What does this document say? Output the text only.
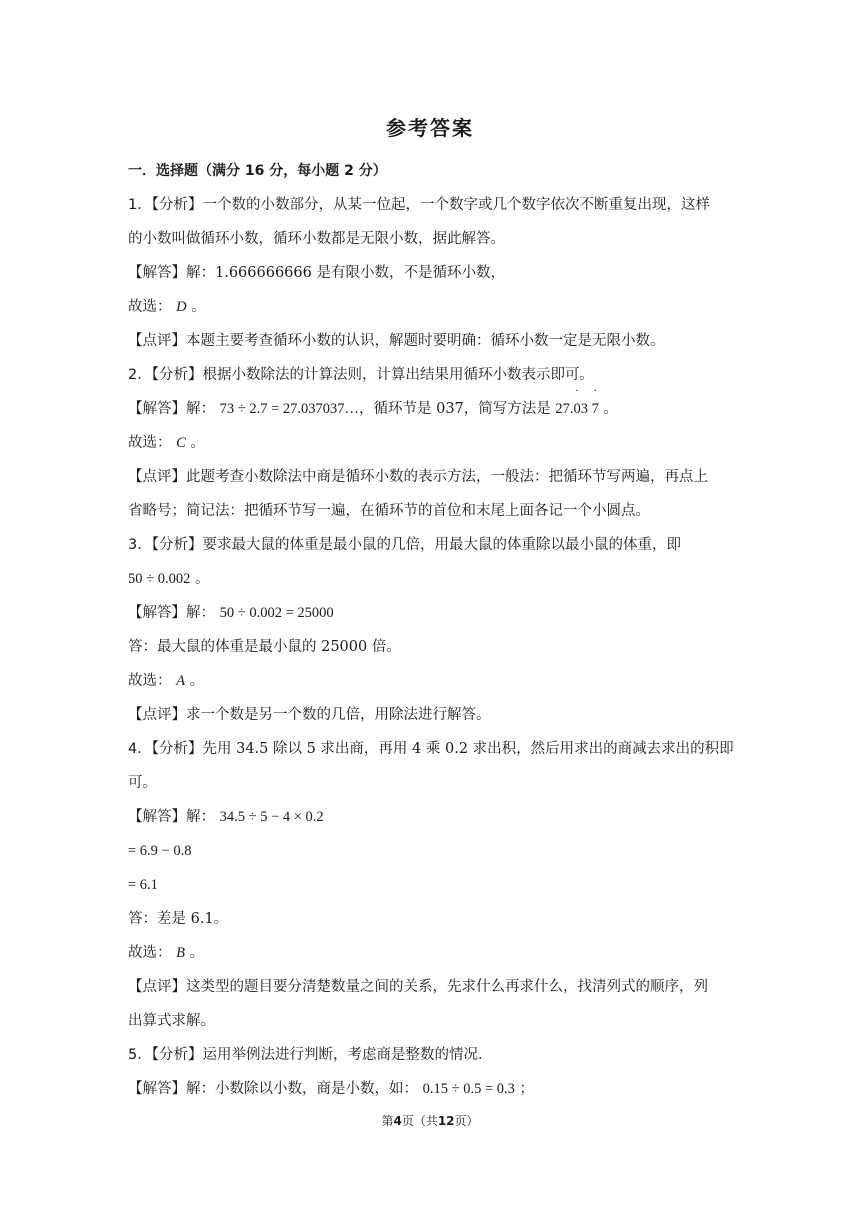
参考答案
一．选择题（满分 16 分，每小题 2 分）
1．【分析】一个数的小数部分，从某一位起，一个数字或几个数字依次不断重复出现，这样
的小数叫做循环小数，循环小数都是无限小数，据此解答。
【解答】解：1.666666666 是有限小数，不是循环小数，
故选： D 。
【点评】本题主要考查循环小数的认识，解题时要明确：循环小数一定是无限小数。
2．【分析】根据小数除法的计算法则，计算出结果用循环小数表示即可。
【解答】解： 73 ÷ 2.7 = 27.037037…，循环节是 037，简写方法是 27.
·
03
·
7 。
故选： C 。
【点评】此题考查小数除法中商是循环小数的表示方法，一般法：把循环节写两遍，再点上
省略号；简记法：把循环节写一遍，在循环节的首位和末尾上面各记一个小圆点。
3．【分析】要求最大鼠的体重是最小鼠的几倍，用最大鼠的体重除以最小鼠的体重，即
50 ÷ 0.002 。
【解答】解： 50 ÷ 0.002 = 25000
答：最大鼠的体重是最小鼠的 25000 倍。
故选： A 。
【点评】求一个数是另一个数的几倍，用除法进行解答。
4．【分析】先用 34.5 除以 5 求出商，再用 4 乘 0.2 求出积，然后用求出的商减去求出的积即
可。
【解答】解： 34.5 ÷ 5 − 4 × 0.2
= 6.9 − 0.8
= 6.1
答：差是 6.1。
故选： B 。
【点评】这类型的题目要分清楚数量之间的关系，先求什么再求什么，找清列式的顺序，列
出算式求解。
5．【分析】运用举例法进行判断，考虑商是整数的情况．
【解答】解：小数除以小数，商是小数，如： 0.15 ÷ 0.5 = 0.3 ；
第4页（共12页）
